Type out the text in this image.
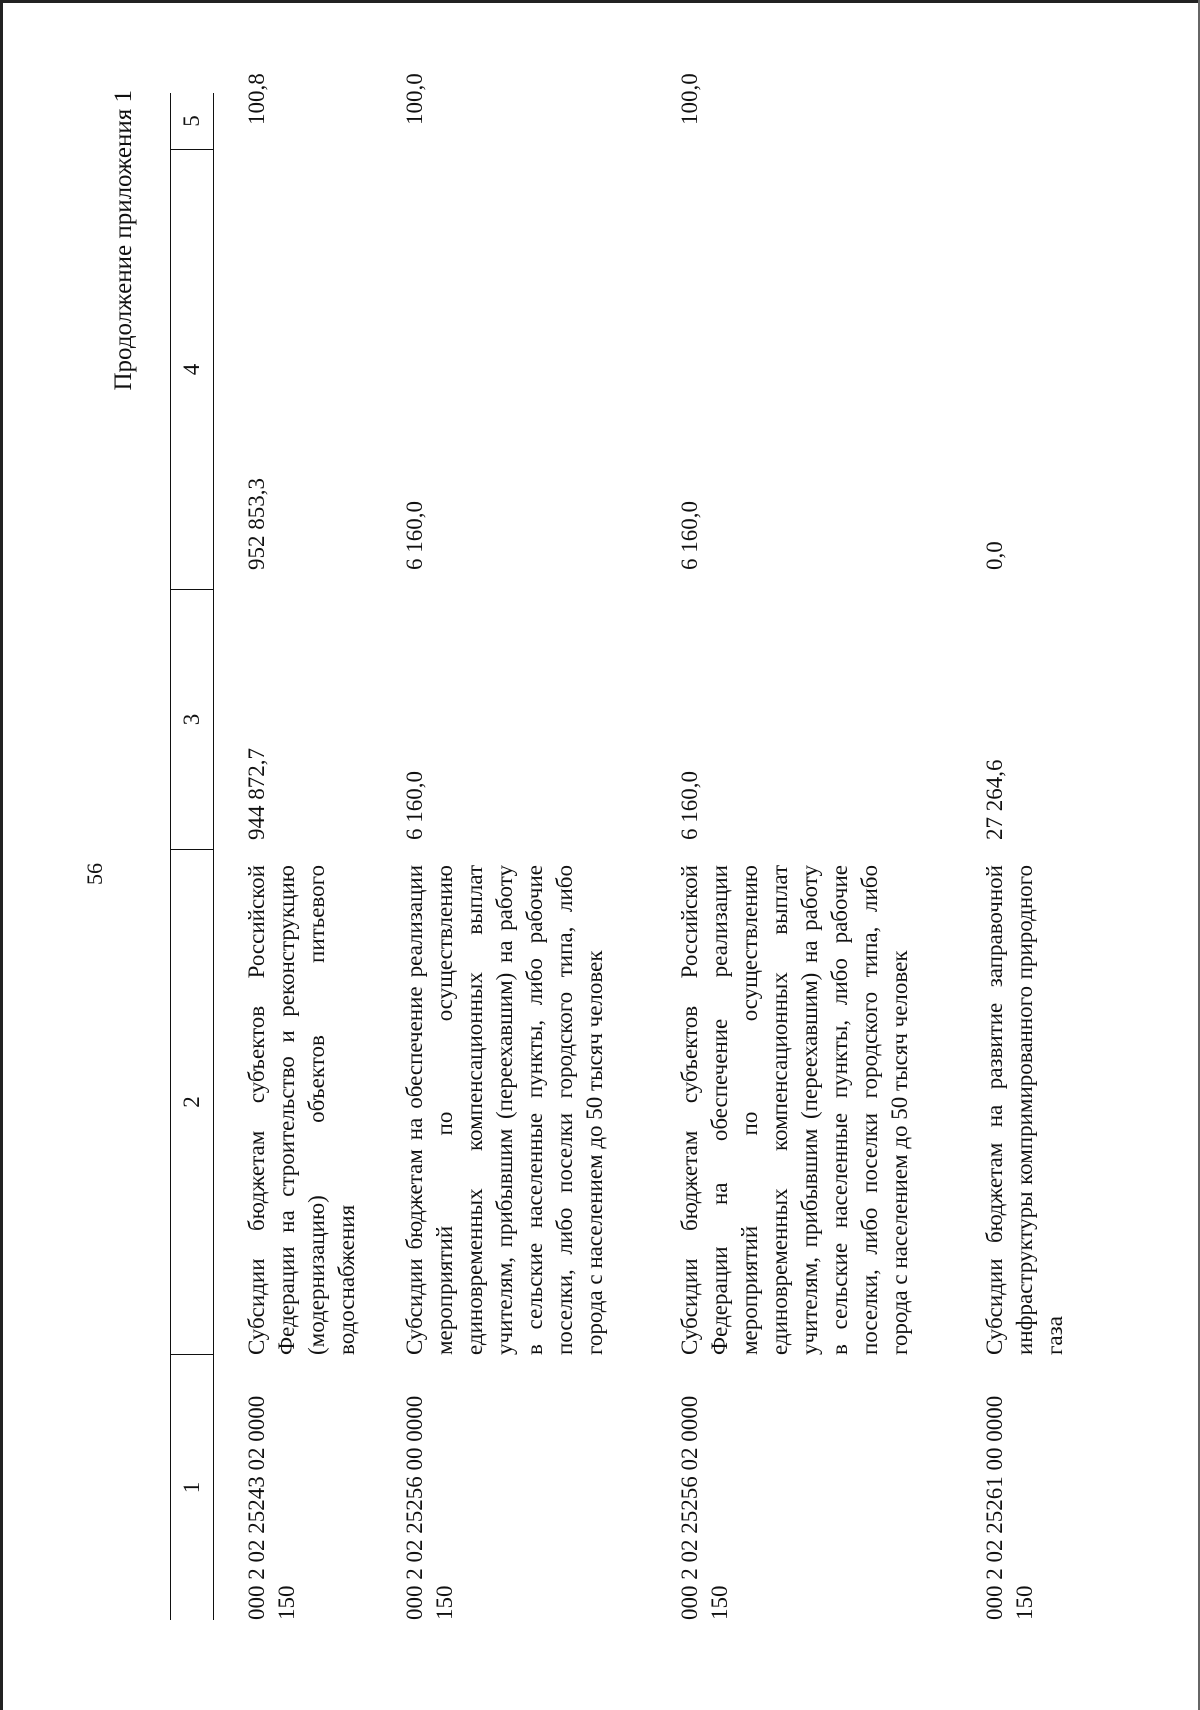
56
Продолжение приложения 1
1
2
3
4
5
000 2 02 25243 02 0000 150
Субсидии бюджетам субъектов Российской Федерации на строительство и реконструкцию (модернизацию) объектов питьевого водоснабжения
944 872,7
952 853,3
100,8
000 2 02 25256 00 0000 150
Субсидии бюджетам на обеспечение реализации мероприятий по осуществлению единовременных компенсационных выплат учителям, прибывшим (переехавшим) на работу в сельские населенные пункты, либо рабочие поселки, либо поселки городского типа, либо города с населением до 50 тысяч человек
6 160,0
6 160,0
100,0
000 2 02 25256 02 0000 150
Субсидии бюджетам субъектов Российской Федерации на обеспечение реализации мероприятий по осуществлению единовременных компенсационных выплат учителям, прибывшим (переехавшим) на работу в сельские населенные пункты, либо рабочие поселки, либо поселки городского типа, либо города с населением до 50 тысяч человек
6 160,0
6 160,0
100,0
000 2 02 25261 00 0000 150
Субсидии бюджетам на развитие заправочной инфраструктуры компримированного природного газа
27 264,6
0,0
